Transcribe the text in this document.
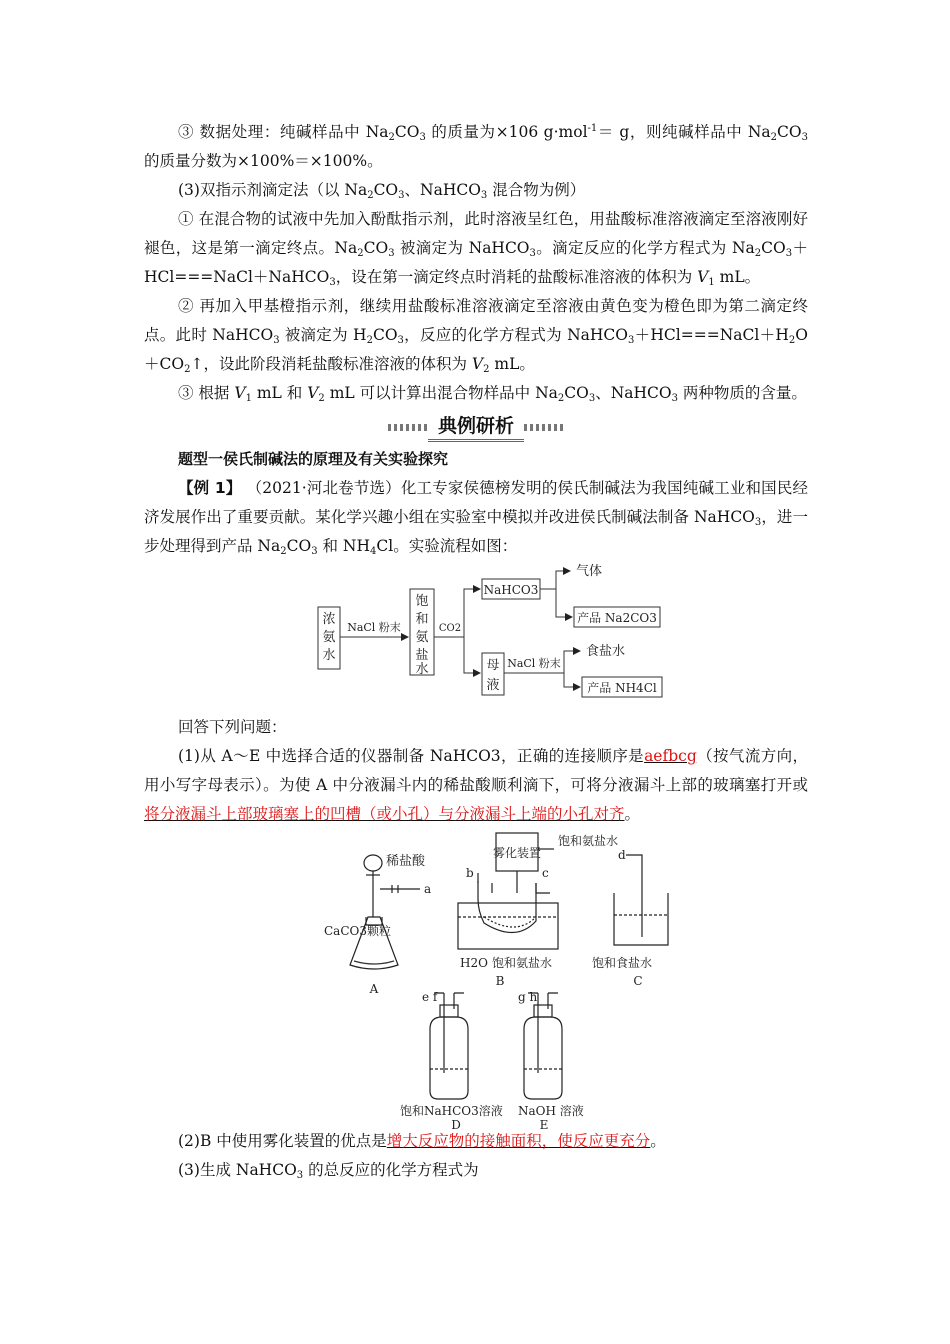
③ 数据处理：纯碱样品中 $Na_2CO_3$ 的质量为×106 g·mol$^{-1}$＝ g，则纯碱样品中 $Na_2CO_3$ 的质量分数为×100%＝×100%。

(3)双指示剂滴定法（以 $Na_2CO_3$、NaHCO$_3$ 混合物为例）

① 在混合物的试液中先加入酚酞指示剂，此时溶液呈红色，用盐酸标准溶液滴定至溶液刚好褪色，这是第一滴定终点。$Na_2CO_3$ 被滴定为 NaHCO$_3$。滴定反应的化学方程式为 $Na_2CO_3+HCl===NaCl+NaHCO_3$，设在第一滴定终点时消耗的盐酸标准溶液的体积为 $V_1$ mL。

② 再加入甲基橙指示剂，继续用盐酸标准溶液滴定至溶液由黄色变为橙色即为第二滴定终点。此时 NaHCO$_3$ 被滴定为 $H_2CO_3$，反应的化学方程式为 $NaHCO_3+HCl===NaCl+H_2O+CO_2↑$，设此阶段消耗盐酸标准溶液的体积为 $V_2$ mL。

③ 根据 $V_1$ mL 和 $V_2$ mL 可以计算出混合物样品中 $Na_2CO_3$、NaHCO$_3$ 两种物质的含量。

典例研析

题型一侯氏制碱法的原理及有关实验探究

【例 1】 （2021·河北卷节选）化工专家侯德榜发明的侯氏制碱法为我国纯碱工业和国民经济发展作出了重要贡献。某化学兴趣小组在实验室中模拟并改进侯氏制碱法制备 NaHCO$_3$，进一步处理得到产品 $Na_2CO_3$ 和 $NH_4Cl$。实验流程如图：

浓
氨
水
NaCl 粉末
饱
和
氨
盐
水
CO2
NaHCO3
气体
产品 Na2CO3
母
液
NaCl 粉末
食盐水
产品 NH4Cl

回答下列问题：

(1)从 A～E 中选择合适的仪器制备 NaHCO3，正确的连接顺序是aefbcg（按气流方向，用小写字母表示）。为使 A 中分液漏斗内的稀盐酸顺利滴下，可将分液漏斗上部的玻璃塞打开或将分液漏斗上部玻璃塞上的凹槽（或小孔）与分液漏斗上端的小孔对齐。

稀盐酸
CaCO3颗粒
a
A
雾化装置
饱和氨盐水
b	c
H2O 饱和氨盐水
B
d
饱和食盐水
C
e f
饱和NaHCO3溶液
D
g h
NaOH 溶液
E

(2)B 中使用雾化装置的优点是增大反应物的接触面积，使反应更充分。

(3)生成 NaHCO$_3$ 的总反应的化学方程式为
